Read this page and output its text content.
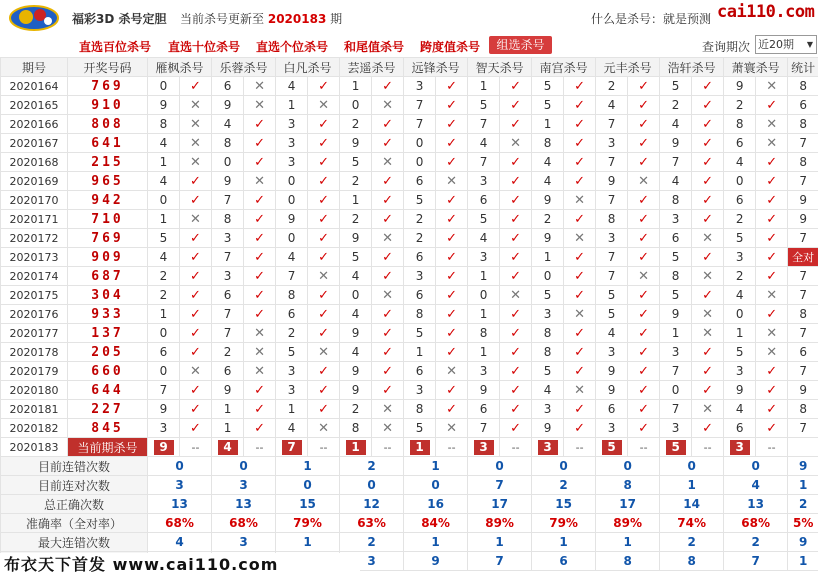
福彩3D 杀号定胆 当前杀号更新至 2020183 期	什么是杀号：就是预测 cai110.com
直选百位杀号 直选十位杀号 直选个位杀号 和尾值杀号 跨度值杀号	组选杀号	查询期次 近20期 ▼
期号	开奖号码	雁枫杀号		乐蓉杀号		白凡杀号		芸遥杀号		远锋杀号		智天杀号		南宫杀号		元丰杀号		浩轩杀号		萧寰杀号		统计
2020164	769	0	✓	6	✕	4	✓	1	✓	3	✓	1	✓	5	✓	2	✓	5	✓	9	✕	8
2020165	910	9	✕	9	✕	1	✕	0	✕	7	✓	5	✓	5	✓	4	✓	2	✓	2	✓	6
2020166	808	8	✕	4	✓	3	✓	2	✓	7	✓	7	✓	1	✓	7	✓	4	✓	8	✕	8
2020167	641	4	✕	8	✓	3	✓	9	✓	0	✓	4	✕	8	✓	3	✓	9	✓	6	✕	7
2020168	215	1	✕	0	✓	3	✓	5	✕	0	✓	7	✓	4	✓	7	✓	7	✓	4	✓	8
2020169	965	4	✓	9	✕	0	✓	2	✓	6	✕	3	✓	4	✓	9	✕	4	✓	0	✓	7
2020170	942	0	✓	7	✓	0	✓	1	✓	5	✓	6	✓	9	✕	7	✓	8	✓	6	✓	9
2020171	710	1	✕	8	✓	9	✓	2	✓	2	✓	5	✓	2	✓	8	✓	3	✓	2	✓	9
2020172	769	5	✓	3	✓	0	✓	9	✕	2	✓	4	✓	9	✕	3	✓	6	✕	5	✓	7
2020173	909	4	✓	7	✓	4	✓	5	✓	6	✓	3	✓	1	✓	7	✓	5	✓	3	✓	全对
2020174	687	2	✓	3	✓	7	✕	4	✓	3	✓	1	✓	0	✓	7	✕	8	✕	2	✓	7
2020175	304	2	✓	6	✓	8	✓	0	✕	6	✓	0	✕	5	✓	5	✓	5	✓	4	✕	7
2020176	933	1	✓	7	✓	6	✓	4	✓	8	✓	1	✓	3	✕	5	✓	9	✕	0	✓	8
2020177	137	0	✓	7	✕	2	✓	9	✓	5	✓	8	✓	8	✓	4	✓	1	✕	1	✕	7
2020178	205	6	✓	2	✕	5	✕	4	✓	1	✓	1	✓	8	✓	3	✓	3	✓	5	✕	6
2020179	660	0	✕	6	✕	3	✓	9	✓	6	✕	3	✓	5	✓	9	✓	7	✓	3	✓	7
2020180	644	7	✓	9	✓	3	✓	9	✓	3	✓	9	✓	4	✕	9	✓	0	✓	9	✓	9
2020181	227	9	✓	1	✓	1	✓	2	✕	8	✓	6	✓	3	✓	6	✓	7	✕	4	✓	8
2020182	845	3	✓	1	✓	4	✕	8	✕	5	✕	7	✓	9	✓	3	✓	3	✓	6	✓	7
2020183	当前期杀号	9	--	4	--	7	--	1	--	1	--	3	--	3	--	5	--	5	--	3	--	
目前连错次数		0		0		1		2		1		0		0		0		0		0		9
目前连对次数		3		3		0		0		0		7		2		8		1		4		1
总正确次数		13		13		15		12		16		17		15		17		14		13		2
准确率（全对率）		68%		68%		79%		63%		84%		89%		79%		89%		74%		68%		5%
最大连错次数		4		3		1		2		1		1		1		1		2		2		9
								3		9		7		6		8		8		7		1
布衣天下首发 www.cai110.com
